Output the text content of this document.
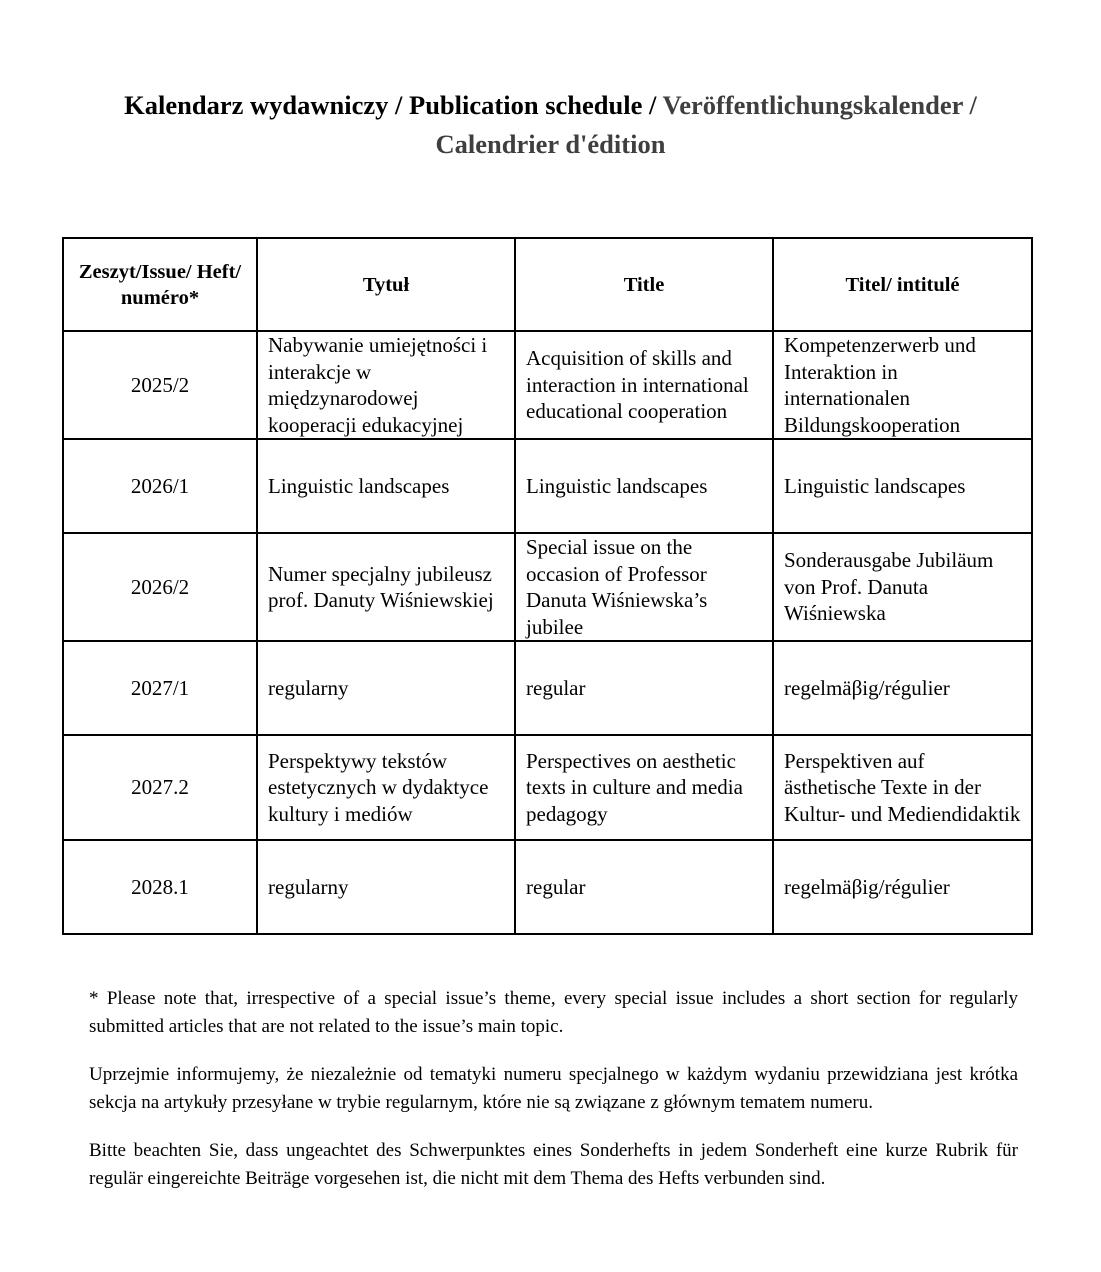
Kalendarz wydawniczy / Publication schedule / Veröffentlichungskalender /
Calendrier d'édition
Zeszyt/Issue/ Heft/ numéro*	Tytuł	Title	Titel/ intitulé
2025/2	Nabywanie umiejętności i interakcje w międzynarodowej kooperacji edukacyjnej	Acquisition of skills and interaction in international educational cooperation	Kompetenzerwerb und Interaktion in internationalen Bildungskooperation
2026/1	Linguistic landscapes	Linguistic landscapes	Linguistic landscapes
2026/2	Numer specjalny jubileusz prof. Danuty Wiśniewskiej	Special issue on the occasion of Professor Danuta Wiśniewska’s jubilee	Sonderausgabe Jubiläum von Prof. Danuta Wiśniewska
2027/1	regularny	regular	regelmäβig/régulier
2027.2	Perspektywy tekstów estetycznych w dydaktyce kultury i mediów	Perspectives on aesthetic texts in culture and media pedagogy	Perspektiven auf ästhetische Texte in der Kultur- und Mediendidaktik
2028.1	regularny	regular	regelmäβig/régulier

* Please note that, irrespective of a special issue’s theme, every special issue includes a short section for regularly submitted articles that are not related to the issue’s main topic.

Uprzejmie informujemy, że niezależnie od tematyki numeru specjalnego w każdym wydaniu przewidziana jest krótka sekcja na artykuły przesyłane w trybie regularnym, które nie są związane z głównym tematem numeru.

Bitte beachten Sie, dass ungeachtet des Schwerpunktes eines Sonderhefts in jedem Sonderheft eine kurze Rubrik für regulär eingereichte Beiträge vorgesehen ist, die nicht mit dem Thema des Hefts verbunden sind.
